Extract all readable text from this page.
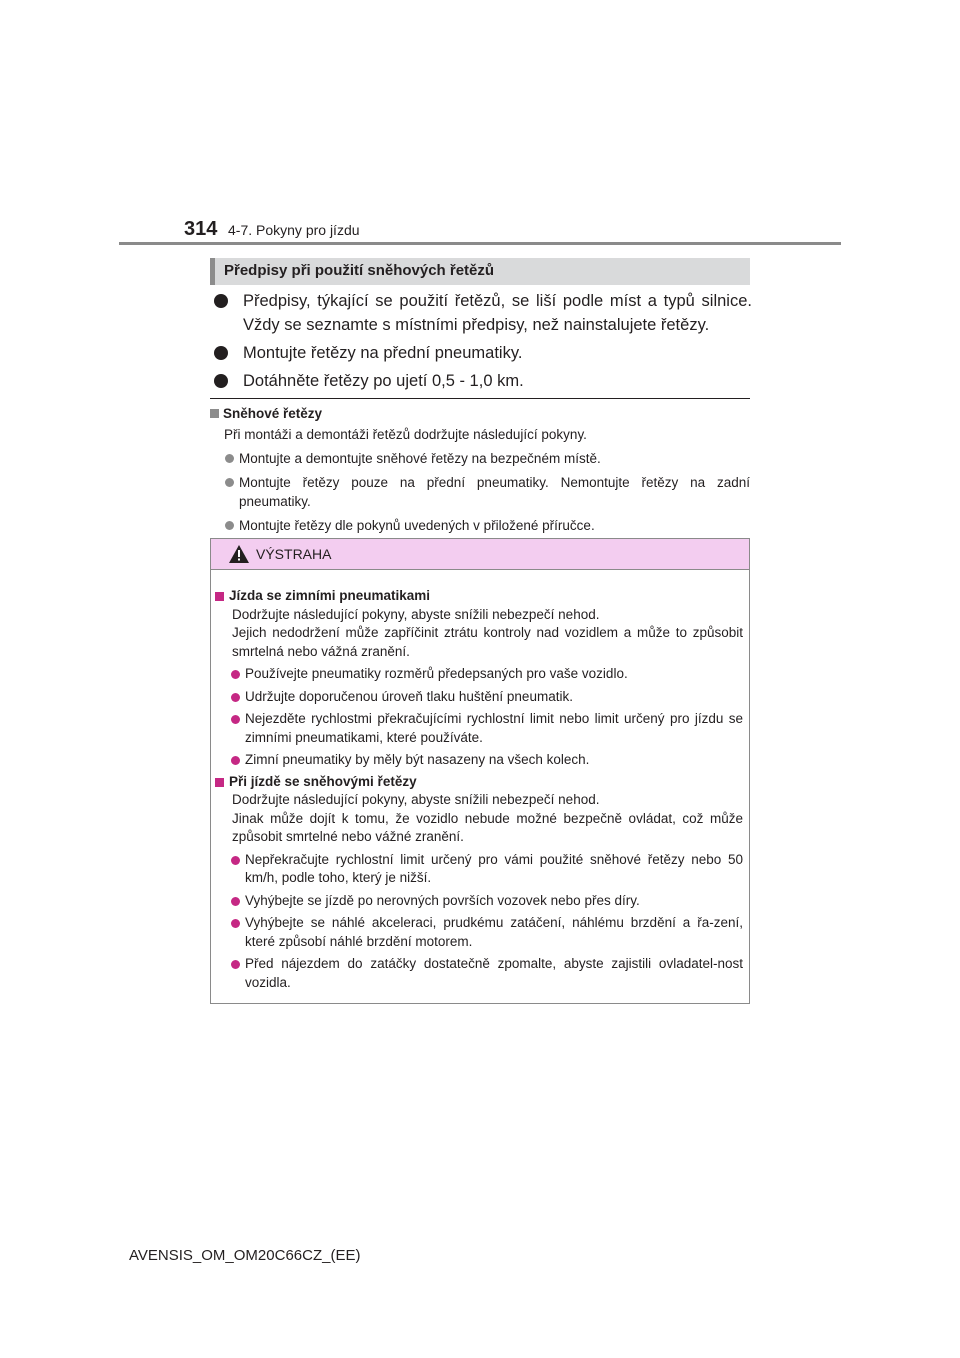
314 4-7. Pokyny pro jízdu
Předpisy při použití sněhových řetězů
Předpisy, týkající se použití řetězů, se liší podle míst a typů silnice. Vždy se seznamte s místními předpisy, než nainstalujete řetězy.
Montujte řetězy na přední pneumatiky.
Dotáhněte řetězy po ujetí 0,5 - 1,0 km.
Sněhové řetězy
Při montáži a demontáži řetězů dodržujte následující pokyny.
Montujte a demontujte sněhové řetězy na bezpečném místě.
Montujte řetězy pouze na přední pneumatiky. Nemontujte řetězy na zadní pneumatiky.
Montujte řetězy dle pokynů uvedených v přiložené příručce.
VÝSTRAHA
Jízda se zimními pneumatikami
Dodržujte následující pokyny, abyste snížili nebezpečí nehod.
Jejich nedodržení může zapříčinit ztrátu kontroly nad vozidlem a může to způsobit smrtelná nebo vážná zranění.
Používejte pneumatiky rozměrů předepsaných pro vaše vozidlo.
Udržujte doporučenou úroveň tlaku huštění pneumatik.
Nejezděte rychlostmi překračujícími rychlostní limit nebo limit určený pro jízdu se zimními pneumatikami, které používáte.
Zimní pneumatiky by měly být nasazeny na všech kolech.
Při jízdě se sněhovými řetězy
Dodržujte následující pokyny, abyste snížili nebezpečí nehod.
Jinak může dojít k tomu, že vozidlo nebude možné bezpečně ovládat, což může způsobit smrtelné nebo vážné zranění.
Nepřekračujte rychlostní limit určený pro vámi použité sněhové řetězy nebo 50 km/h, podle toho, který je nižší.
Vyhýbejte se jízdě po nerovných površích vozovek nebo přes díry.
Vyhýbejte se náhlé akceleraci, prudkému zatáčení, náhlému brzdění a řa-zení, které způsobí náhlé brzdění motorem.
Před nájezdem do zatáčky dostatečně zpomalte, abyste zajistili ovladatel-nost vozidla.
AVENSIS_OM_OM20C66CZ_(EE)
